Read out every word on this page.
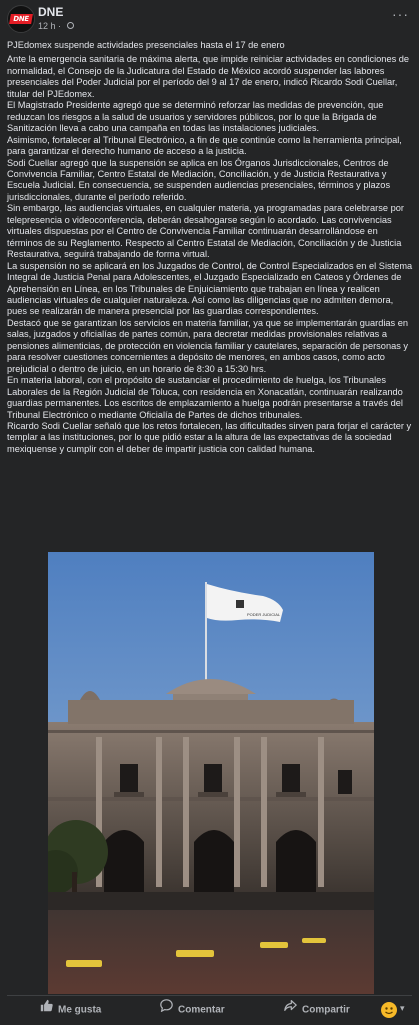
DNE DNE
12 h ·
···

PJEdomex suspende actividades presenciales hasta el 17 de enero

Ante la emergencia sanitaria de máxima alerta, que impide reiniciar actividades en condiciones de normalidad, el Consejo de la Judicatura del Estado de México acordó suspender las labores presenciales del Poder Judicial por el período del 9 al 17 de enero, indicó Ricardo Sodi Cuellar, titular del PJEdomex.

El Magistrado Presidente agregó que se determinó reforzar las medidas de prevención, que reduzcan los riesgos a la salud de usuarios y servidores públicos, por lo que la Brigada de Sanitización lleva a cabo una campaña en todas las instalaciones judiciales.

Asimismo, fortalecer al Tribunal Electrónico, a fin de que continúe como la herramienta principal, para garantizar el derecho humano de acceso a la justicia.

Sodi Cuellar agregó que la suspensión se aplica en los Órganos Jurisdiccionales, Centros de Convivencia Familiar, Centro Estatal de Mediación, Conciliación, y de Justicia Restaurativa y Escuela Judicial. En consecuencia, se suspenden audiencias presenciales, términos y plazos jurisdiccionales, durante el período referido.

Sin embargo, las audiencias virtuales, en cualquier materia, ya programadas para celebrarse por telepresencia o videoconferencia, deberán desahogarse según lo acordado. Las convivencias virtuales dispuestas por el Centro de Convivencia Familiar continuarán desarrollándose en términos de su Reglamento. Respecto al Centro Estatal de Mediación, Conciliación y de Justicia Restaurativa, seguirá trabajando de forma virtual.

La suspensión no se aplicará en los Juzgados de Control, de Control Especializados en el Sistema Integral de Justicia Penal para Adolescentes, el Juzgado Especializado en Cateos y Órdenes de Aprehensión en Línea, en los Tribunales de Enjuiciamiento que trabajan en línea y realicen audiencias virtuales de cualquier naturaleza. Así como las diligencias que no admiten demora, pues se realizarán de manera presencial por las guardias correspondientes.

Destacó que se garantizan los servicios en materia familiar, ya que se implementarán guardias en salas, juzgados y oficialías de partes común, para decretar medidas provisionales relativas a pensiones alimenticias, de protección en violencia familiar y cautelares, separación de personas y para resolver cuestiones concernientes a depósito de menores, en ambos casos, como acto prejudicial o dentro de juicio, en un horario de 8:30 a 15:30 hrs.

En materia laboral, con el propósito de sustanciar el procedimiento de huelga, los Tribunales Laborales de la Región Judicial de Toluca, con residencia en Xonacatlán, continuarán realizando guardias permanentes. Los escritos de emplazamiento a huelga podrán presentarse a través del Tribunal Electrónico o mediante Oficialía de Partes de dichos tribunales.

Ricardo Sodi Cuellar señaló que los retos fortalecen, las dificultades sirven para forjar el carácter y templar a las instituciones, por lo que pidió estar a la altura de las expectativas de la sociedad mexiquense y cumplir con el deber de impartir justicia con calidad humana.

PODER JUDICIAL
Me gusta	Comentar	Compartir	▾
